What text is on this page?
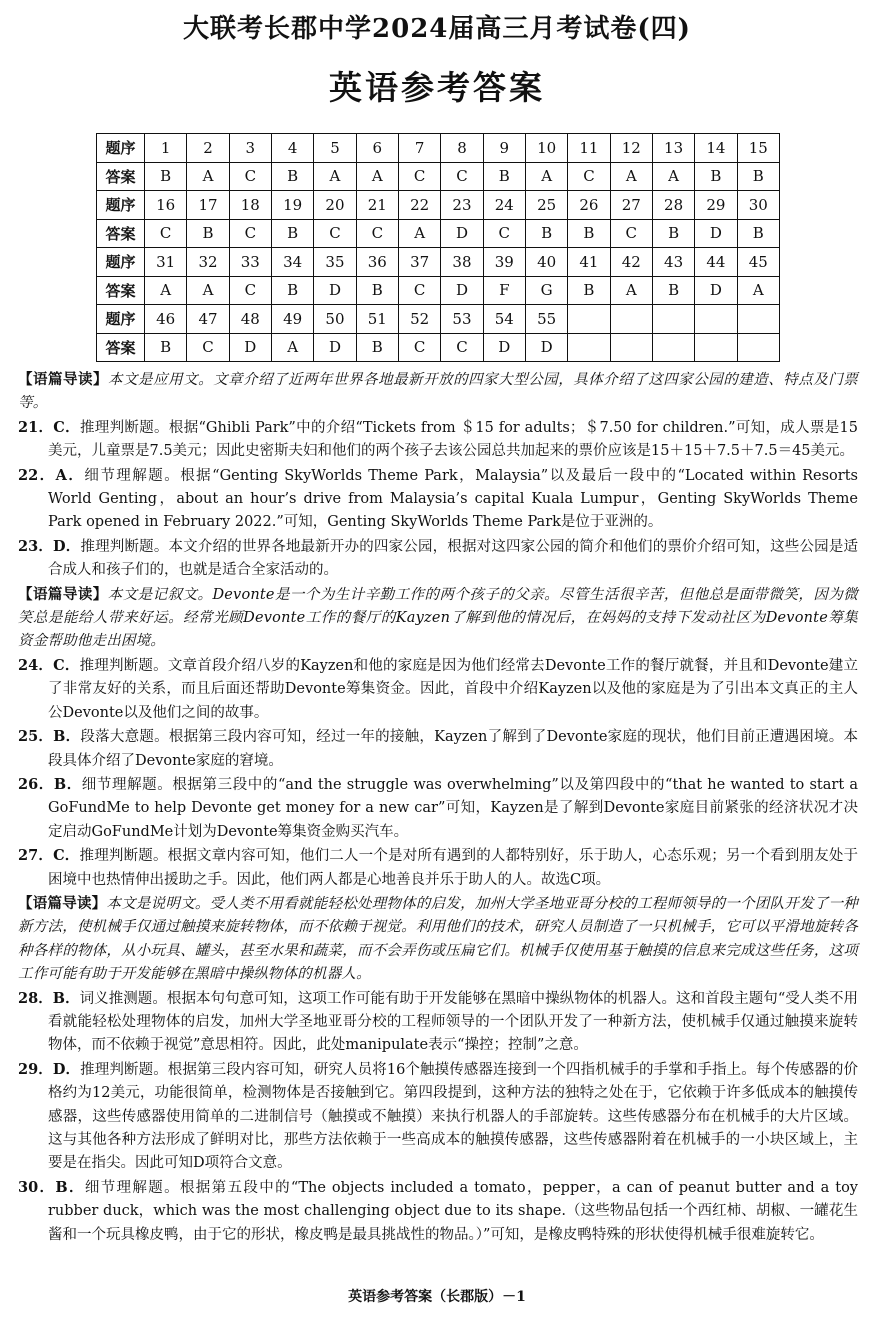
大联考长郡中学2024届高三月考试卷(四)
英语参考答案
题序	1	2	3	4	5	6	7	8	9	10	11	12	13	14	15
答案	B	A	C	B	A	A	C	C	B	A	C	A	A	B	B
题序	16	17	18	19	20	21	22	23	24	25	26	27	28	29	30
答案	C	B	C	B	C	C	A	D	C	B	B	C	B	D	B
题序	31	32	33	34	35	36	37	38	39	40	41	42	43	44	45
答案	A	A	C	B	D	B	C	D	F	G	B	A	B	D	A
题序	46	47	48	49	50	51	52	53	54	55					
答案	B	C	D	A	D	B	C	C	D	D					

【语篇导读】本文是应用文。文章介绍了近两年世界各地最新开放的四家大型公园，具体介绍了这四家公园的建造、特点及门票等。

21．C．推理判断题。根据“Ghibli Park”中的介绍“Tickets from ＄15 for adults；＄7.50 for children.”可知，成人票是15美元，儿童票是7.5美元；因此史密斯夫妇和他们的两个孩子去该公园总共加起来的票价应该是15＋15＋7.5＋7.5＝45美元。

22．A．细节理解题。根据“Genting SkyWorlds Theme Park，Malaysia”以及最后一段中的“Located within Resorts World Genting，about an hour’s drive from Malaysia’s capital Kuala Lumpur，Genting SkyWorlds Theme Park opened in February 2022.”可知，Genting SkyWorlds Theme Park是位于亚洲的。

23．D．推理判断题。本文介绍的世界各地最新开办的四家公园，根据对这四家公园的简介和他们的票价介绍可知，这些公园是适合成人和孩子们的，也就是适合全家活动的。

【语篇导读】本文是记叙文。Devonte是一个为生计辛勤工作的两个孩子的父亲。尽管生活很辛苦，但他总是面带微笑，因为微笑总是能给人带来好运。经常光顾Devonte工作的餐厅的Kayzen了解到他的情况后，在妈妈的支持下发动社区为Devonte筹集资金帮助他走出困境。

24．C．推理判断题。文章首段介绍八岁的Kayzen和他的家庭是因为他们经常去Devonte工作的餐厅就餐，并且和Devonte建立了非常友好的关系，而且后面还帮助Devonte筹集资金。因此，首段中介绍Kayzen以及他的家庭是为了引出本文真正的主人公Devonte以及他们之间的故事。

25．B．段落大意题。根据第三段内容可知，经过一年的接触，Kayzen了解到了Devonte家庭的现状，他们目前正遭遇困境。本段具体介绍了Devonte家庭的窘境。

26．B．细节理解题。根据第三段中的“and the struggle was overwhelming”以及第四段中的“that he wanted to start a GoFundMe to help Devonte get money for a new car”可知，Kayzen是了解到Devonte家庭目前紧张的经济状况才决定启动GoFundMe计划为Devonte筹集资金购买汽车。

27．C．推理判断题。根据文章内容可知，他们二人一个是对所有遇到的人都特别好，乐于助人，心态乐观；另一个看到朋友处于困境中也热情伸出援助之手。因此，他们两人都是心地善良并乐于助人的人。故选C项。

【语篇导读】本文是说明文。受人类不用看就能轻松处理物体的启发，加州大学圣地亚哥分校的工程师领导的一个团队开发了一种新方法，使机械手仅通过触摸来旋转物体，而不依赖于视觉。利用他们的技术，研究人员制造了一只机械手，它可以平滑地旋转各种各样的物体，从小玩具、罐头，甚至水果和蔬菜，而不会弄伤或压扁它们。机械手仅使用基于触摸的信息来完成这些任务，这项工作可能有助于开发能够在黑暗中操纵物体的机器人。

28．B．词义推测题。根据本句句意可知，这项工作可能有助于开发能够在黑暗中操纵物体的机器人。这和首段主题句“受人类不用看就能轻松处理物体的启发，加州大学圣地亚哥分校的工程师领导的一个团队开发了一种新方法，使机械手仅通过触摸来旋转物体，而不依赖于视觉”意思相符。因此，此处manipulate表示“操控；控制”之意。

29．D．推理判断题。根据第三段内容可知，研究人员将16个触摸传感器连接到一个四指机械手的手掌和手指上。每个传感器的价格约为12美元，功能很简单，检测物体是否接触到它。第四段提到，这种方法的独特之处在于，它依赖于许多低成本的触摸传感器，这些传感器使用简单的二进制信号（触摸或不触摸）来执行机器人的手部旋转。这些传感器分布在机械手的大片区域。这与其他各种方法形成了鲜明对比，那些方法依赖于一些高成本的触摸传感器，这些传感器附着在机械手的一小块区域上，主要是在指尖。因此可知D项符合文意。

30．B．细节理解题。根据第五段中的“The objects included a tomato，pepper，a can of peanut butter and a toy rubber duck，which was the most challenging object due to its shape.（这些物品包括一个西红柿、胡椒、一罐花生酱和一个玩具橡皮鸭，由于它的形状，橡皮鸭是最具挑战性的物品。）”可知，是橡皮鸭特殊的形状使得机械手很难旋转它。

英语参考答案（长郡版）－1
